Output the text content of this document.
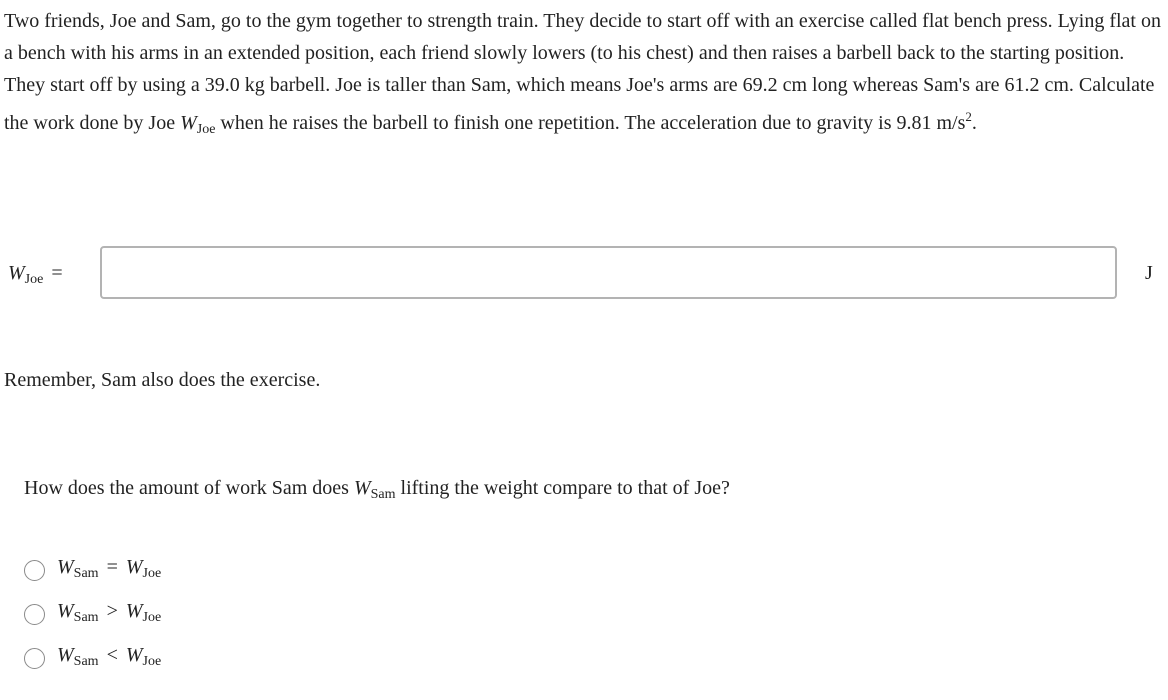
Two friends, Joe and Sam, go to the gym together to strength train. They decide to start off with an exercise called flat bench press. Lying flat on a bench with his arms in an extended position, each friend slowly lowers (to his chest) and then raises a barbell back to the starting position. They start off by using a 39.0 kg barbell. Joe is taller than Sam, which means Joe's arms are 69.2 cm long whereas Sam's are 61.2 cm. Calculate the work done by Joe $W_{Joe}$ when he raises the barbell to finish one repetition. The acceleration due to gravity is 9.81 $m/s^2$.

$W_{Joe}$ =	J

Remember, Sam also does the exercise.

How does the amount of work Sam does $W_{Sam}$ lifting the weight compare to that of Joe?

$W_{Sam} = W_{Joe}$
$W_{Sam} > W_{Joe}$
$W_{Sam} < W_{Joe}$
